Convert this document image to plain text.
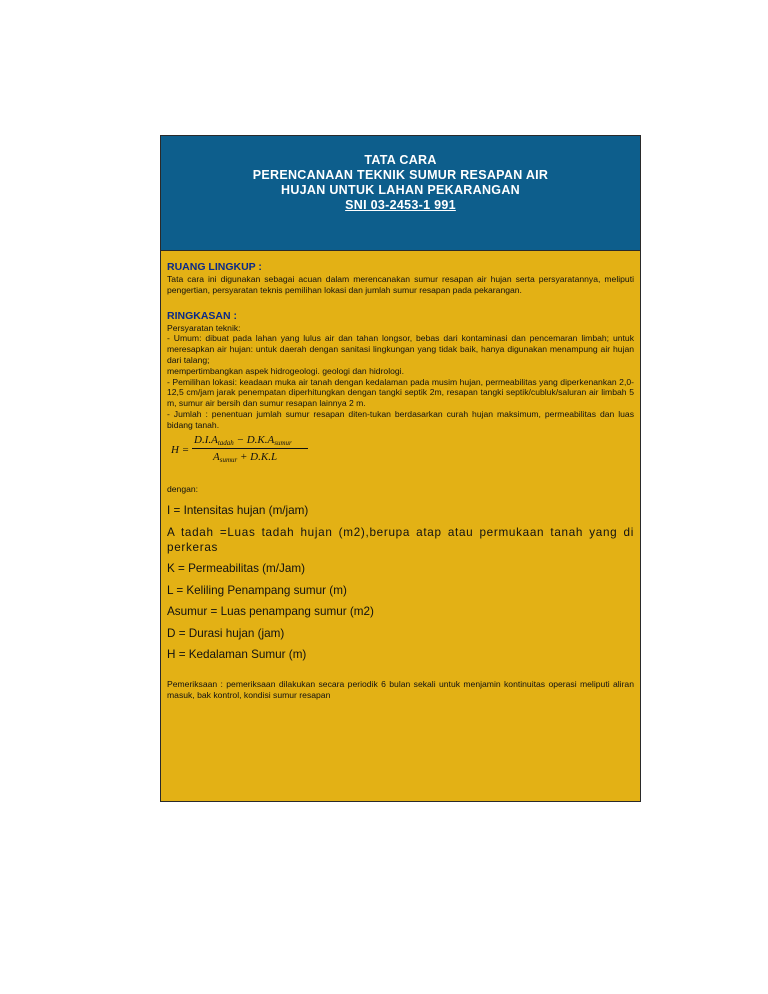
TATA CARA
PERENCANAAN TEKNIK SUMUR RESAPAN AIR
HUJAN UNTUK LAHAN PEKARANGAN
SNI 03-2453-1 991
RUANG LINGKUP :
Tata cara ini digunakan sebagai acuan dalam merencanakan sumur resapan air hujan serta persyaratannya, meliputi pengertian, persyaratan teknis pemilihan lokasi dan jumlah sumur resapan pada pekarangan.
RINGKASAN :
Persyaratan teknik:
- Umum: dibuat pada lahan yang lulus air dan tahan longsor, bebas dari kontaminasi dan pencemaran limbah; untuk meresapkan air hujan: untuk daerah dengan sanitasi lingkungan yang tidak baik, hanya digunakan menampung air hujan dari talang;
mempertimbangkan aspek hidrogeologi. geologi dan hidrologi.
- Pemilihan lokasi: keadaan muka air tanah dengan kedalaman pada musim hujan, permeabilitas yang diperkenankan 2,0-12,5 cm/jam jarak penempatan diperhitungkan dengan tangki septik 2m, resapan tangki septik/cubluk/saluran air limbah 5 m, sumur air bersih dan sumur resapan lainnya 2 m.
- Jumlah : penentuan jumlah sumur resapan diten-tukan berdasarkan curah hujan maksimum, permeabilitas dan luas bidang tanah.
H =
$D.I.A_{tadah} - D.K.A_{sumur}$
$A_{sumur} + D.K.L$
dengan:
I = Intensitas hujan (m/jam)
A tadah =Luas tadah hujan (m2),berupa atap atau permukaan tanah yang di perkeras
K = Permeabilitas (m/Jam)
L = Keliling Penampang sumur (m)
Asumur = Luas penampang sumur (m2)
D = Durasi hujan (jam)
H = Kedalaman Sumur (m)
Pemeriksaan : pemeriksaan dilakukan secara periodik 6 bulan sekali untuk menjamin kontinuitas operasi meliputi aliran masuk, bak kontrol, kondisi sumur resapan
